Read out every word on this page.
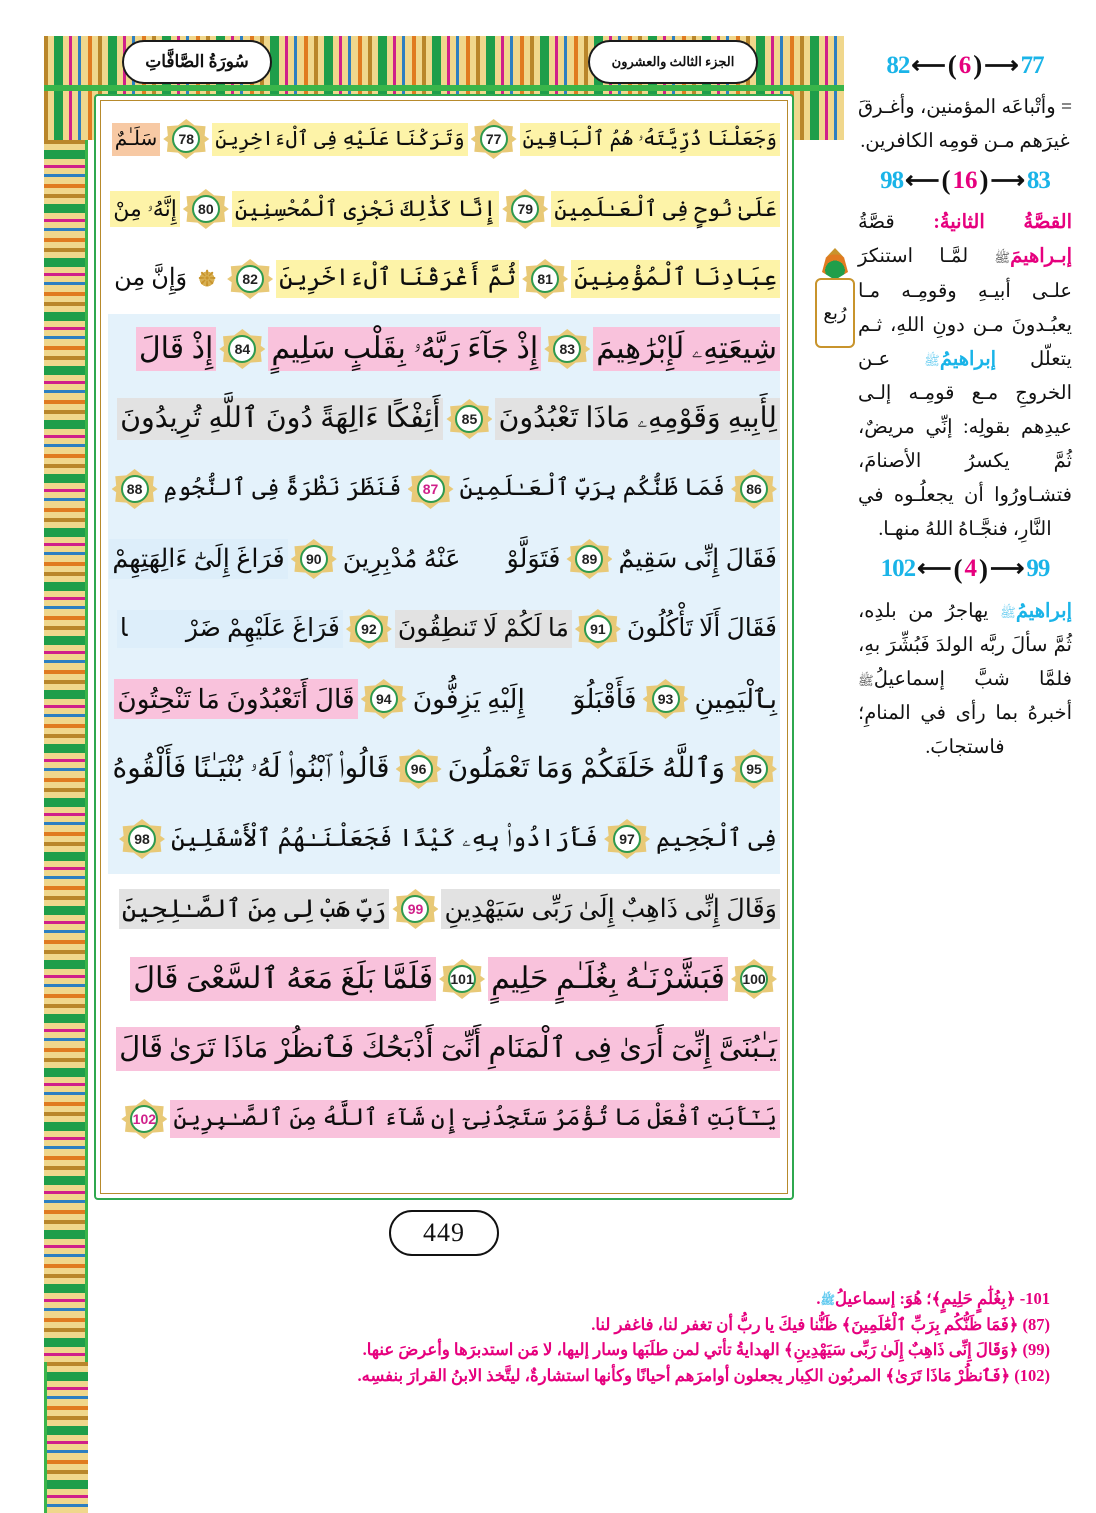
سُورَةُ الصَّافَّاتِ	الجزء الثالث والعشرون
449
رُبع
وَجَعَلْنَا ذُرِّيَّتَهُۥ هُمُ ٱلْبَاقِينَ
77
وَتَرَكْنَا عَلَيْهِ فِى ٱلْءَاخِرِينَ
78
سَلَـٰمٌ
عَلَىٰ نُوحٍ فِى ٱلْعَـٰلَمِينَ
79
إِنَّا كَذَٰلِكَ نَجْزِى ٱلْمُحْسِنِينَ
80
إِنَّهُۥ مِنْ
عِبَادِنَا ٱلْمُؤْمِنِينَ
81
ثُمَّ أَغْرَقْنَا ٱلْءَاخَرِينَ
82
❊
وَإِنَّ مِن
شِيعَتِهِۦ لَإِبْرَٰهِيمَ
83
إِذْ جَآءَ رَبَّهُۥ بِقَلْبٍ سَلِيمٍ
84
إِذْ قَالَ
لِأَبِيهِ وَقَوْمِهِۦ مَاذَا تَعْبُدُونَ
85
أَئِفْكًا ءَالِهَةً دُونَ ٱللَّهِ تُرِيدُونَ
86
فَمَا ظَنُّكُم بِرَبِّ ٱلْعَـٰلَمِينَ
87
فَنَظَرَ نَظْرَةً فِى ٱلنُّجُومِ
88
فَقَالَ إِنِّى سَقِيمٌ
89
فَتَوَلَّوْا۟ عَنْهُ مُدْبِرِينَ
90
فَرَاغَ إِلَىٰٓ ءَالِهَتِهِمْ
فَقَالَ أَلَا تَأْكُلُونَ
91
مَا لَكُمْ لَا تَنطِقُونَ
92
فَرَاغَ عَلَيْهِمْ ضَرْبًۢا
بِٱلْيَمِينِ
93
فَأَقْبَلُوٓا۟ إِلَيْهِ يَزِفُّونَ
94
قَالَ أَتَعْبُدُونَ مَا تَنْحِتُونَ
95
وَٱللَّهُ خَلَقَكُمْ وَمَا تَعْمَلُونَ
96
قَالُوا۟ ٱبْنُوا۟ لَهُۥ بُنْيَـٰنًا فَأَلْقُوهُ
فِى ٱلْجَحِيمِ
97
فَأَرَادُوا۟ بِهِۦ كَيْدًا فَجَعَلْنَـٰهُمُ ٱلْأَسْفَلِينَ
98
وَقَالَ إِنِّى ذَاهِبٌ إِلَىٰ رَبِّى سَيَهْدِينِ
99
رَبِّ هَبْ لِى مِنَ ٱلصَّـٰلِحِينَ
100
فَبَشَّرْنَـٰهُ بِغُلَـٰمٍ حَلِيمٍ
101
فَلَمَّا بَلَغَ مَعَهُ ٱلسَّعْىَ قَالَ
يَـٰبُنَىَّ إِنِّىٓ أَرَىٰ فِى ٱلْمَنَامِ أَنِّىٓ أَذْبَحُكَ فَٱنظُرْ مَاذَا تَرَىٰ
قَالَ
يَـٰٓأَبَتِ ٱفْعَلْ مَا تُؤْمَرُ سَتَجِدُنِىٓ إِن شَآءَ ٱللَّهُ مِنَ ٱلصَّـٰبِرِينَ
102
82 ⟵ ( 6 ) ⟶ 77
= وأتْباعَه المؤمنين، وأغـرقَ غيرَهم مـن قومِه الكافرين.
98 ⟵ ( 16 ) ⟶ 83
القصَّةُ الثانيةُ: قصَّةُ إبـراهيمَﷺ لمَّـا استنكرَ علـى أبيـهِ وقومِـه مـا يعبُـدونَ مـن دونِ اللهِ، ثـم يتعلّل إبراهيمُﷺ عـن الخروجِ مـع قومِـه إلـى عيدِهم بقولِه: إنِّي مريضٌ، ثُمَّ يكسرُ الأصنامَ، فتشـاورُوا أن يجعلُـوه في النَّارِ، فنجَّـاهُ اللهُ منهـا.
102 ⟵ ( 4 ) ⟶ 99
إبراهيمُﷺ يهاجرُ من بلدِه، ثُمَّ سألَ ربَّه الولدَ فَبُشِّرَ بهِ، فلمَّا شبَّ إسماعيلُﷺ أخبرهُ بما رأى في المنامِ؛ فاستجابَ.
101- ﴿بِغُلَٰمٍ حَلِيمٍ﴾؛ هُوَ: إسماعيلُﷺ.
(87) ﴿فَمَا ظَنُّكُم بِرَبِّ ٱلْعَٰلَمِينَ﴾ ظَنُّنا فيكَ يا ربُّ أن تغفر لنا، فاغفر لنا.
(99) ﴿وَقَالَ إِنِّى ذَاهِبٌ إِلَىٰ رَبِّى سَيَهْدِينِ﴾ الهدايةُ تأتي لمن طلَبَها وسار إليها، لا مَن استدبرَها وأعرضَ عنها.
(102) ﴿فَٱنظُرْ مَاذَا تَرَىٰ﴾ المربُون الكِبار يجعلون أوامرَهم أحيانًا وكأنها استشارةٌ، ليتَّخذ الابنُ القرارَ بنفسِه.
